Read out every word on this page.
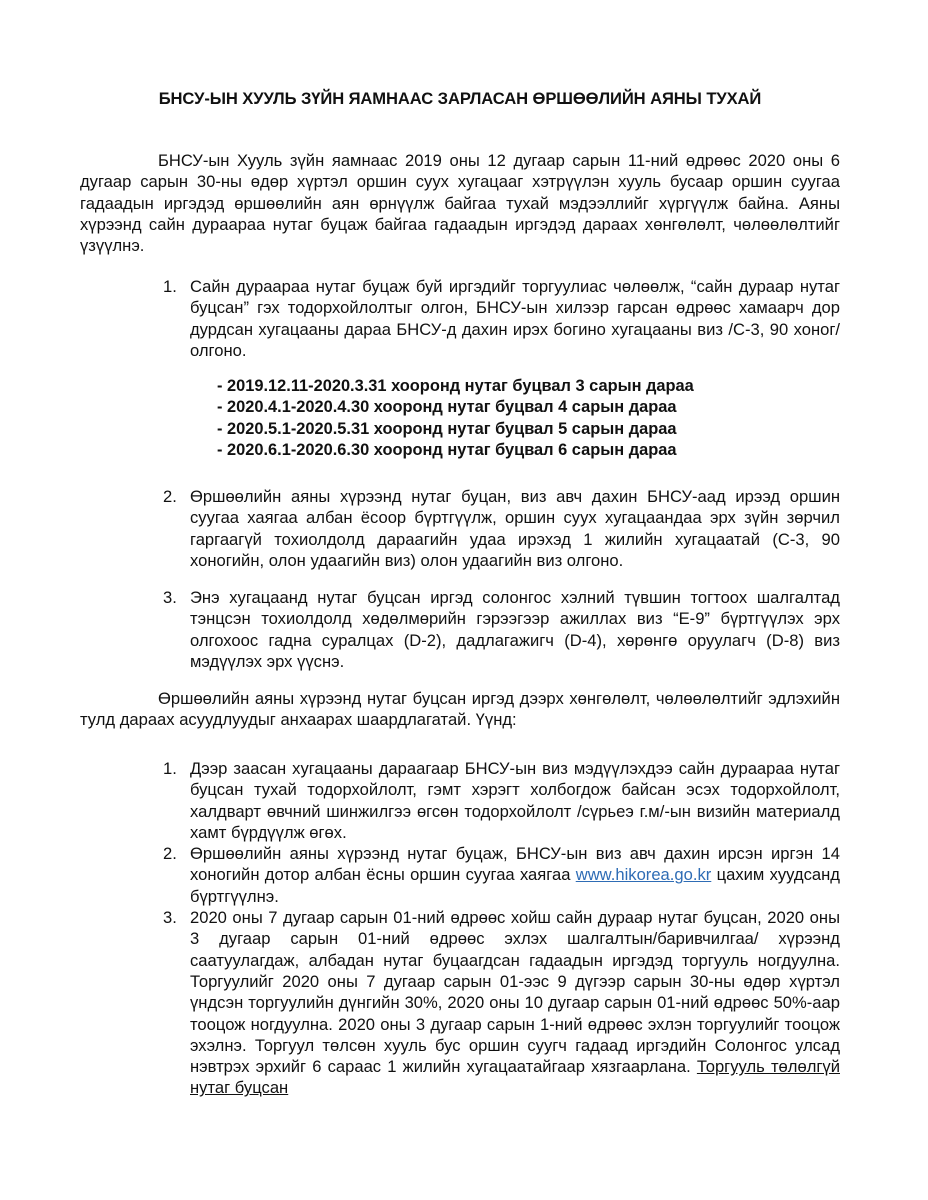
БНСУ-ЫН ХУУЛЬ ЗҮЙН ЯАМНААС ЗАРЛАСАН ӨРШӨӨЛИЙН АЯНЫ ТУХАЙ

БНСУ-ын Хууль зүйн яамнаас 2019 оны 12 дугаар сарын 11-ний өдрөөс 2020 оны 6 дугаар сарын 30-ны өдөр хүртэл оршин суух хугацааг хэтрүүлэн хууль бусаар оршин суугаа гадаадын иргэдэд өршөөлийн аян өрнүүлж байгаа тухай мэдээллийг хүргүүлж байна. Аяны хүрээнд сайн дураараа нутаг буцаж байгаа гадаадын иргэдэд дараах хөнгөлөлт, чөлөөлөлтийг үзүүлнэ.

1. Сайн дураараа нутаг буцаж буй иргэдийг торгуулиас чөлөөлж, “сайн дураар нутаг буцсан” гэх тодорхойлолтыг олгон, БНСУ-ын хилээр гарсан өдрөөс хамаарч дор дурдсан хугацааны дараа БНСУ-д дахин ирэх богино хугацааны виз /С-3, 90 хоног/ олгоно.
- 2019.12.11-2020.3.31 хооронд нутаг буцвал 3 сарын дараа
- 2020.4.1-2020.4.30 хооронд нутаг буцвал 4 сарын дараа
- 2020.5.1-2020.5.31 хооронд нутаг буцвал 5 сарын дараа
- 2020.6.1-2020.6.30 хооронд нутаг буцвал 6 сарын дараа
2. Өршөөлийн аяны хүрээнд нутаг буцан, виз авч дахин БНСУ-аад ирээд оршин суугаа хаягаа албан ёсоор бүртгүүлж, оршин суух хугацаандаа эрх зүйн зөрчил гаргаагүй тохиолдолд дараагийн удаа ирэхэд 1 жилийн хугацаатай (С-3, 90 хоногийн, олон удаагийн виз) олон удаагийн виз олгоно.
3. Энэ хугацаанд нутаг буцсан иргэд солонгос хэлний түвшин тогтоох шалгалтад тэнцсэн тохиолдолд хөдөлмөрийн гэрээгээр ажиллах виз “E-9” бүртгүүлэх эрх олгохоос гадна суралцах (D-2), дадлагажигч (D-4), хөрөнгө оруулагч (D-8) виз мэдүүлэх эрх үүснэ.

Өршөөлийн аяны хүрээнд нутаг буцсан иргэд дээрх хөнгөлөлт, чөлөөлөлтийг эдлэхийн тулд дараах асуудлуудыг анхаарах шаардлагатай. Үүнд:

1. Дээр заасан хугацааны дараагаар БНСУ-ын виз мэдүүлэхдээ сайн дураараа нутаг буцсан тухай тодорхойлолт, гэмт хэрэгт холбогдож байсан эсэх тодорхойлолт, халдварт өвчний шинжилгээ өгсөн тодорхойлолт /сүрьеэ г.м/-ын визийн материалд хамт бүрдүүлж өгөх.
2. Өршөөлийн аяны хүрээнд нутаг буцаж, БНСУ-ын виз авч дахин ирсэн иргэн 14 хоногийн дотор албан ёсны оршин суугаа хаягаа www.hikorea.go.kr цахим хуудсанд бүртгүүлнэ.
3. 2020 оны 7 дугаар сарын 01-ний өдрөөс хойш сайн дураар нутаг буцсан, 2020 оны 3 дугаар сарын 01-ний өдрөөс эхлэх шалгалтын/баривчилгаа/ хүрээнд саатуулагдаж, албадан нутаг буцаагдсан гадаадын иргэдэд торгууль ногдуулна. Торгуулийг 2020 оны 7 дугаар сарын 01-ээс 9 дүгээр сарын 30-ны өдөр хүртэл үндсэн торгуулийн дүнгийн 30%, 2020 оны 10 дугаар сарын 01-ний өдрөөс 50%-аар тооцож ногдуулна. 2020 оны 3 дугаар сарын 1-ний өдрөөс эхлэн торгуулийг тооцож эхэлнэ. Торгуул төлсөн хууль бус оршин суугч гадаад иргэдийн Солонгос улсад нэвтрэх эрхийг 6 сараас 1 жилийн хугацаатайгаар хязгаарлана. Торгууль төлөлгүй нутаг буцсан
